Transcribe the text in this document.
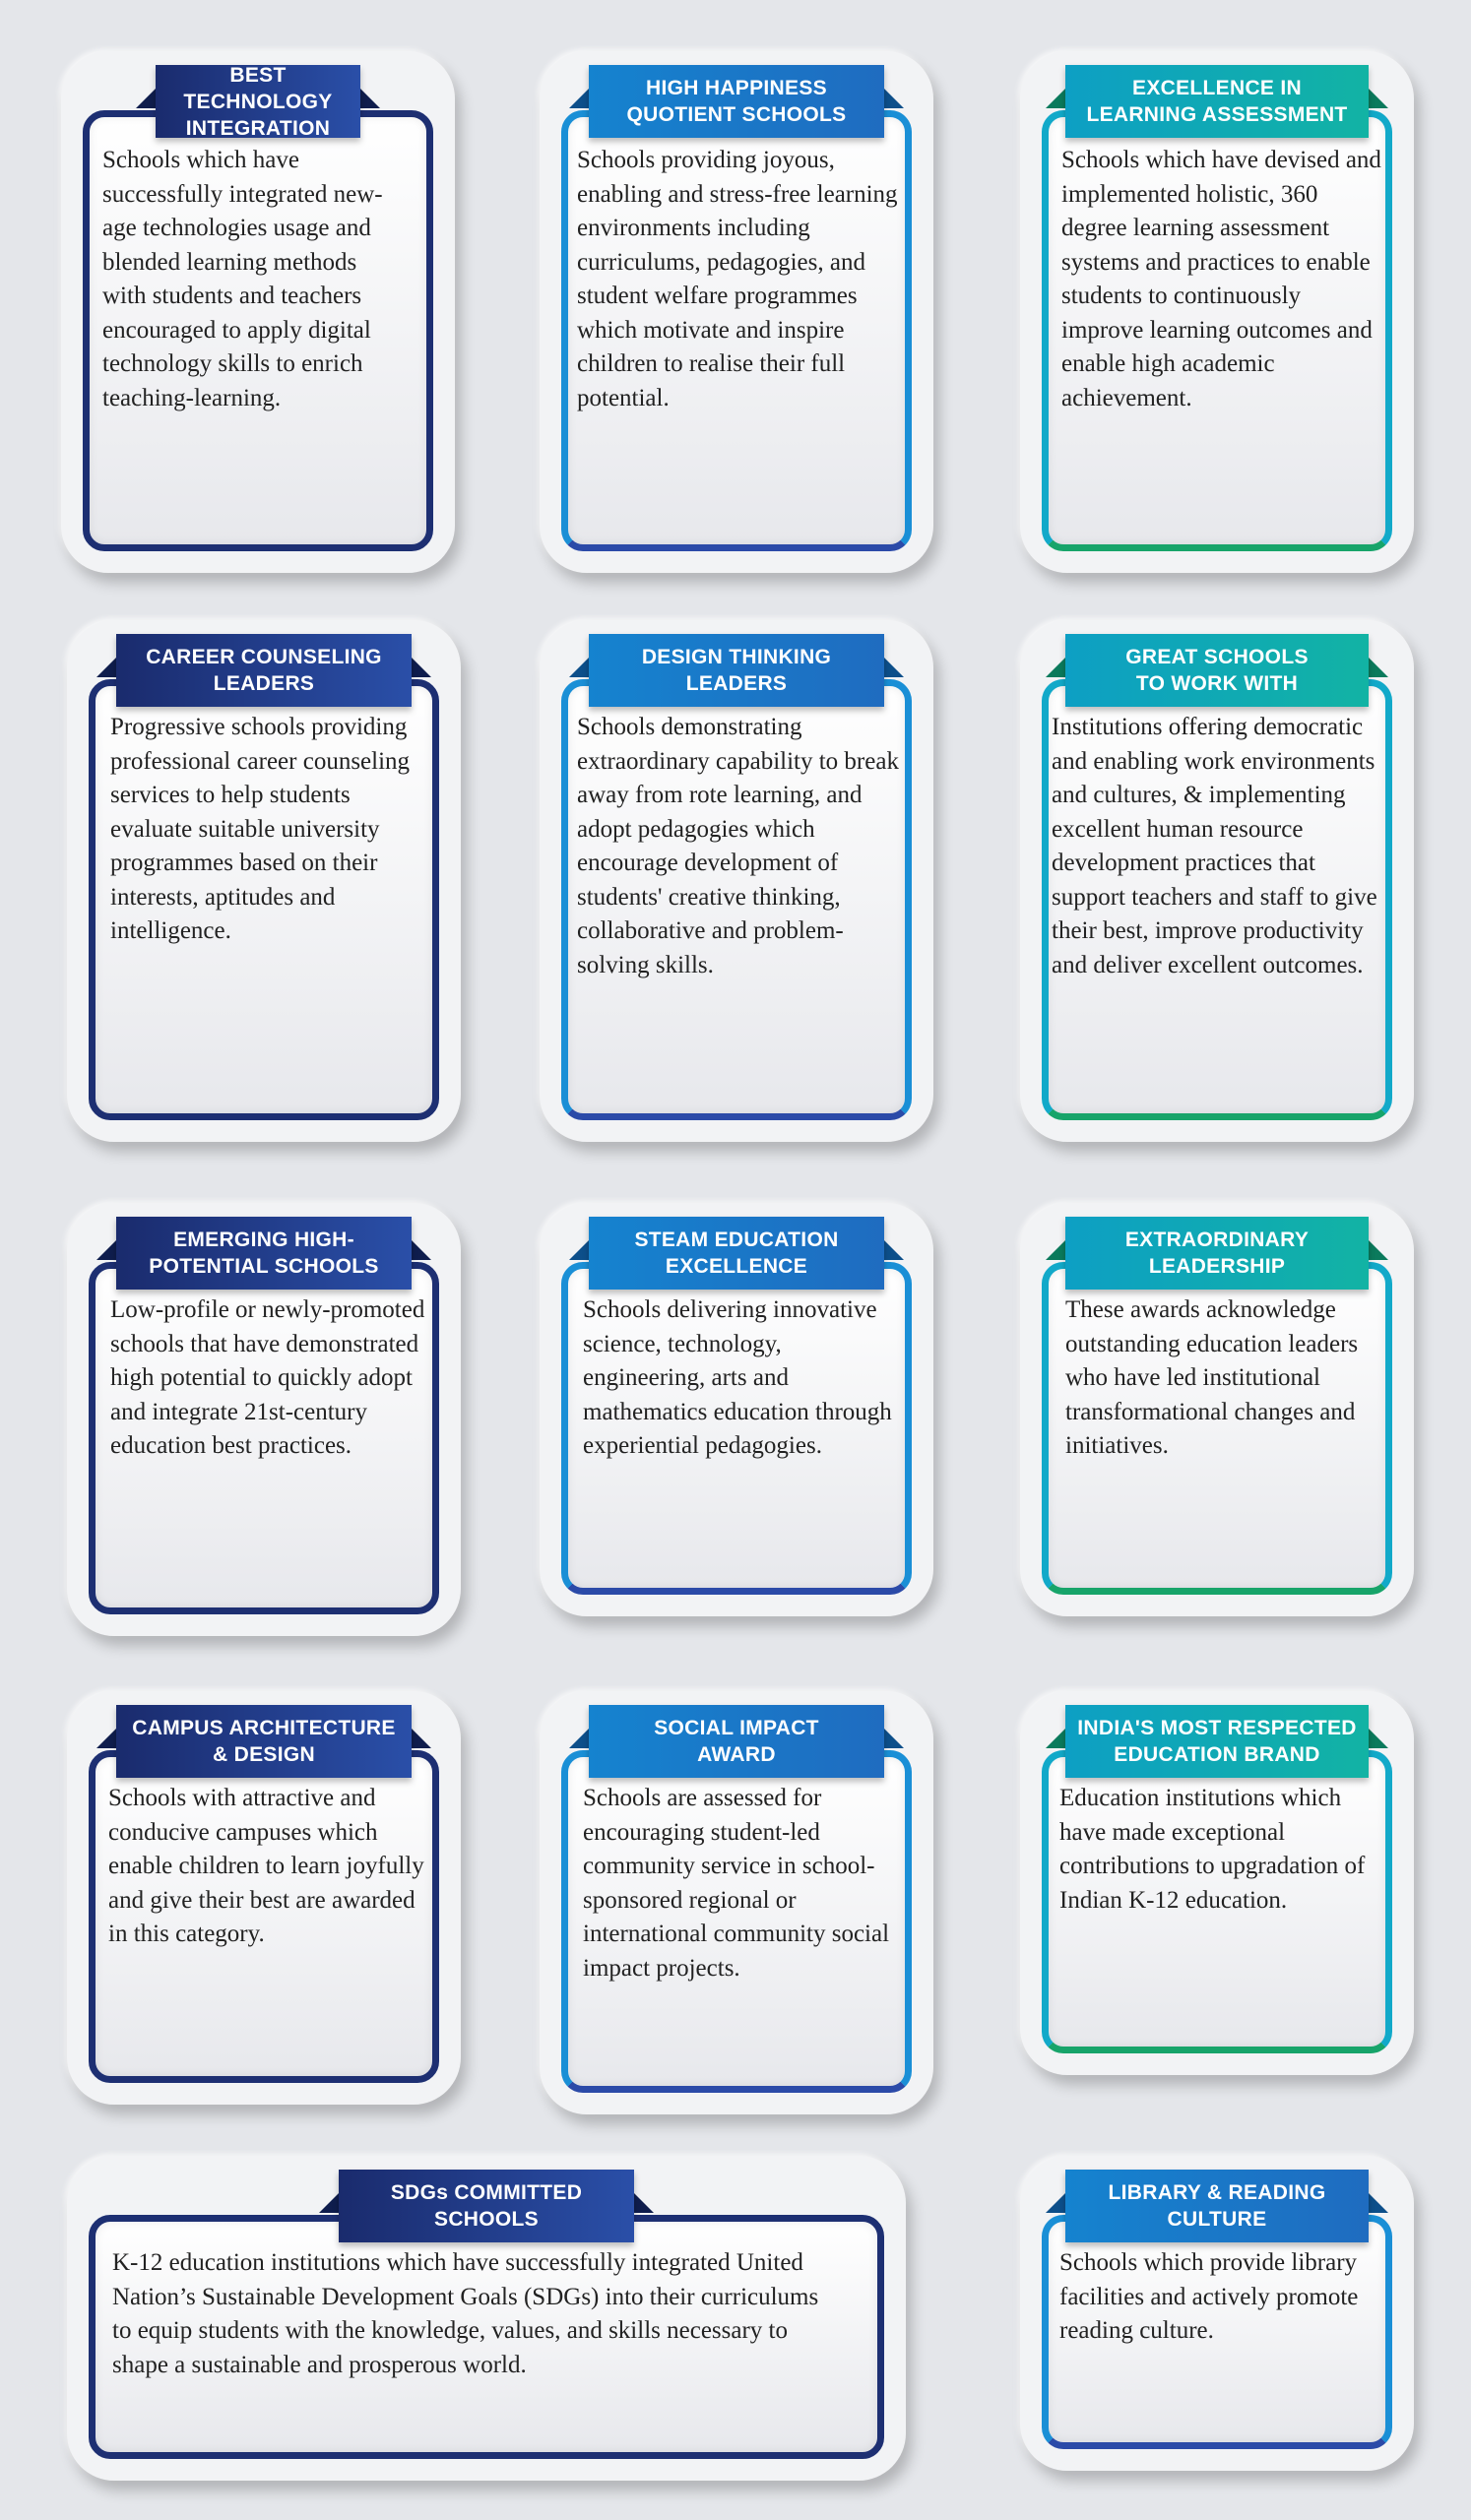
BEST TECHNOLOGY
INTEGRATION
Schools which have successfully integrated new-age technologies usage and blended learning methods with students and teachers encouraged to apply digital technology skills to enrich teaching-learning.
HIGH HAPPINESS
QUOTIENT SCHOOLS
Schools providing joyous, enabling and stress-free learning environments including curriculums, pedagogies, and student welfare programmes which motivate and inspire children to realise their full potential.
EXCELLENCE IN
LEARNING ASSESSMENT
Schools which have devised and implemented holistic, 360 degree learning assessment systems and practices to enable students to continuously improve learning outcomes and enable high academic achievement.
CAREER COUNSELING
LEADERS
Progressive schools providing professional career counseling services to help students evaluate suitable university programmes based on their interests, aptitudes and intelligence.
DESIGN THINKING
LEADERS
Schools demonstrating extraordinary capability to break away from rote learning, and adopt pedagogies which encourage development of students' creative thinking, collaborative and problem-solving skills.
GREAT SCHOOLS
TO WORK WITH
Institutions offering democratic and enabling work environments and cultures, & implementing excellent human resource development practices that support teachers and staff to give their best, improve productivity and deliver excellent outcomes.
EMERGING HIGH-
POTENTIAL SCHOOLS
Low-profile or newly-promoted schools that have demonstrated high potential to quickly adopt and integrate 21st-century education best practices.
STEAM EDUCATION
EXCELLENCE
Schools delivering innovative science, technology, engineering, arts and mathematics education through experiential pedagogies.
EXTRAORDINARY
LEADERSHIP
These awards acknowledge outstanding education leaders who have led institutional transformational changes and initiatives.
CAMPUS ARCHITECTURE
& DESIGN
Schools with attractive and conducive campuses which enable children to learn joyfully and give their best are awarded in this category.
SOCIAL IMPACT
AWARD
Schools are assessed for encouraging student-led community service in school-sponsored regional or international community social impact projects.
INDIA'S MOST RESPECTED
EDUCATION BRAND
Education institutions which have made exceptional contributions to upgradation of Indian K-12 education.
SDGs COMMITTED
SCHOOLS
K-12 education institutions which have successfully integrated United Nation’s Sustainable Development Goals (SDGs) into their curriculums to equip students with the knowledge, values, and skills necessary to shape a sustainable and prosperous world.
LIBRARY & READING
CULTURE
Schools which provide library facilities and actively promote reading culture.
